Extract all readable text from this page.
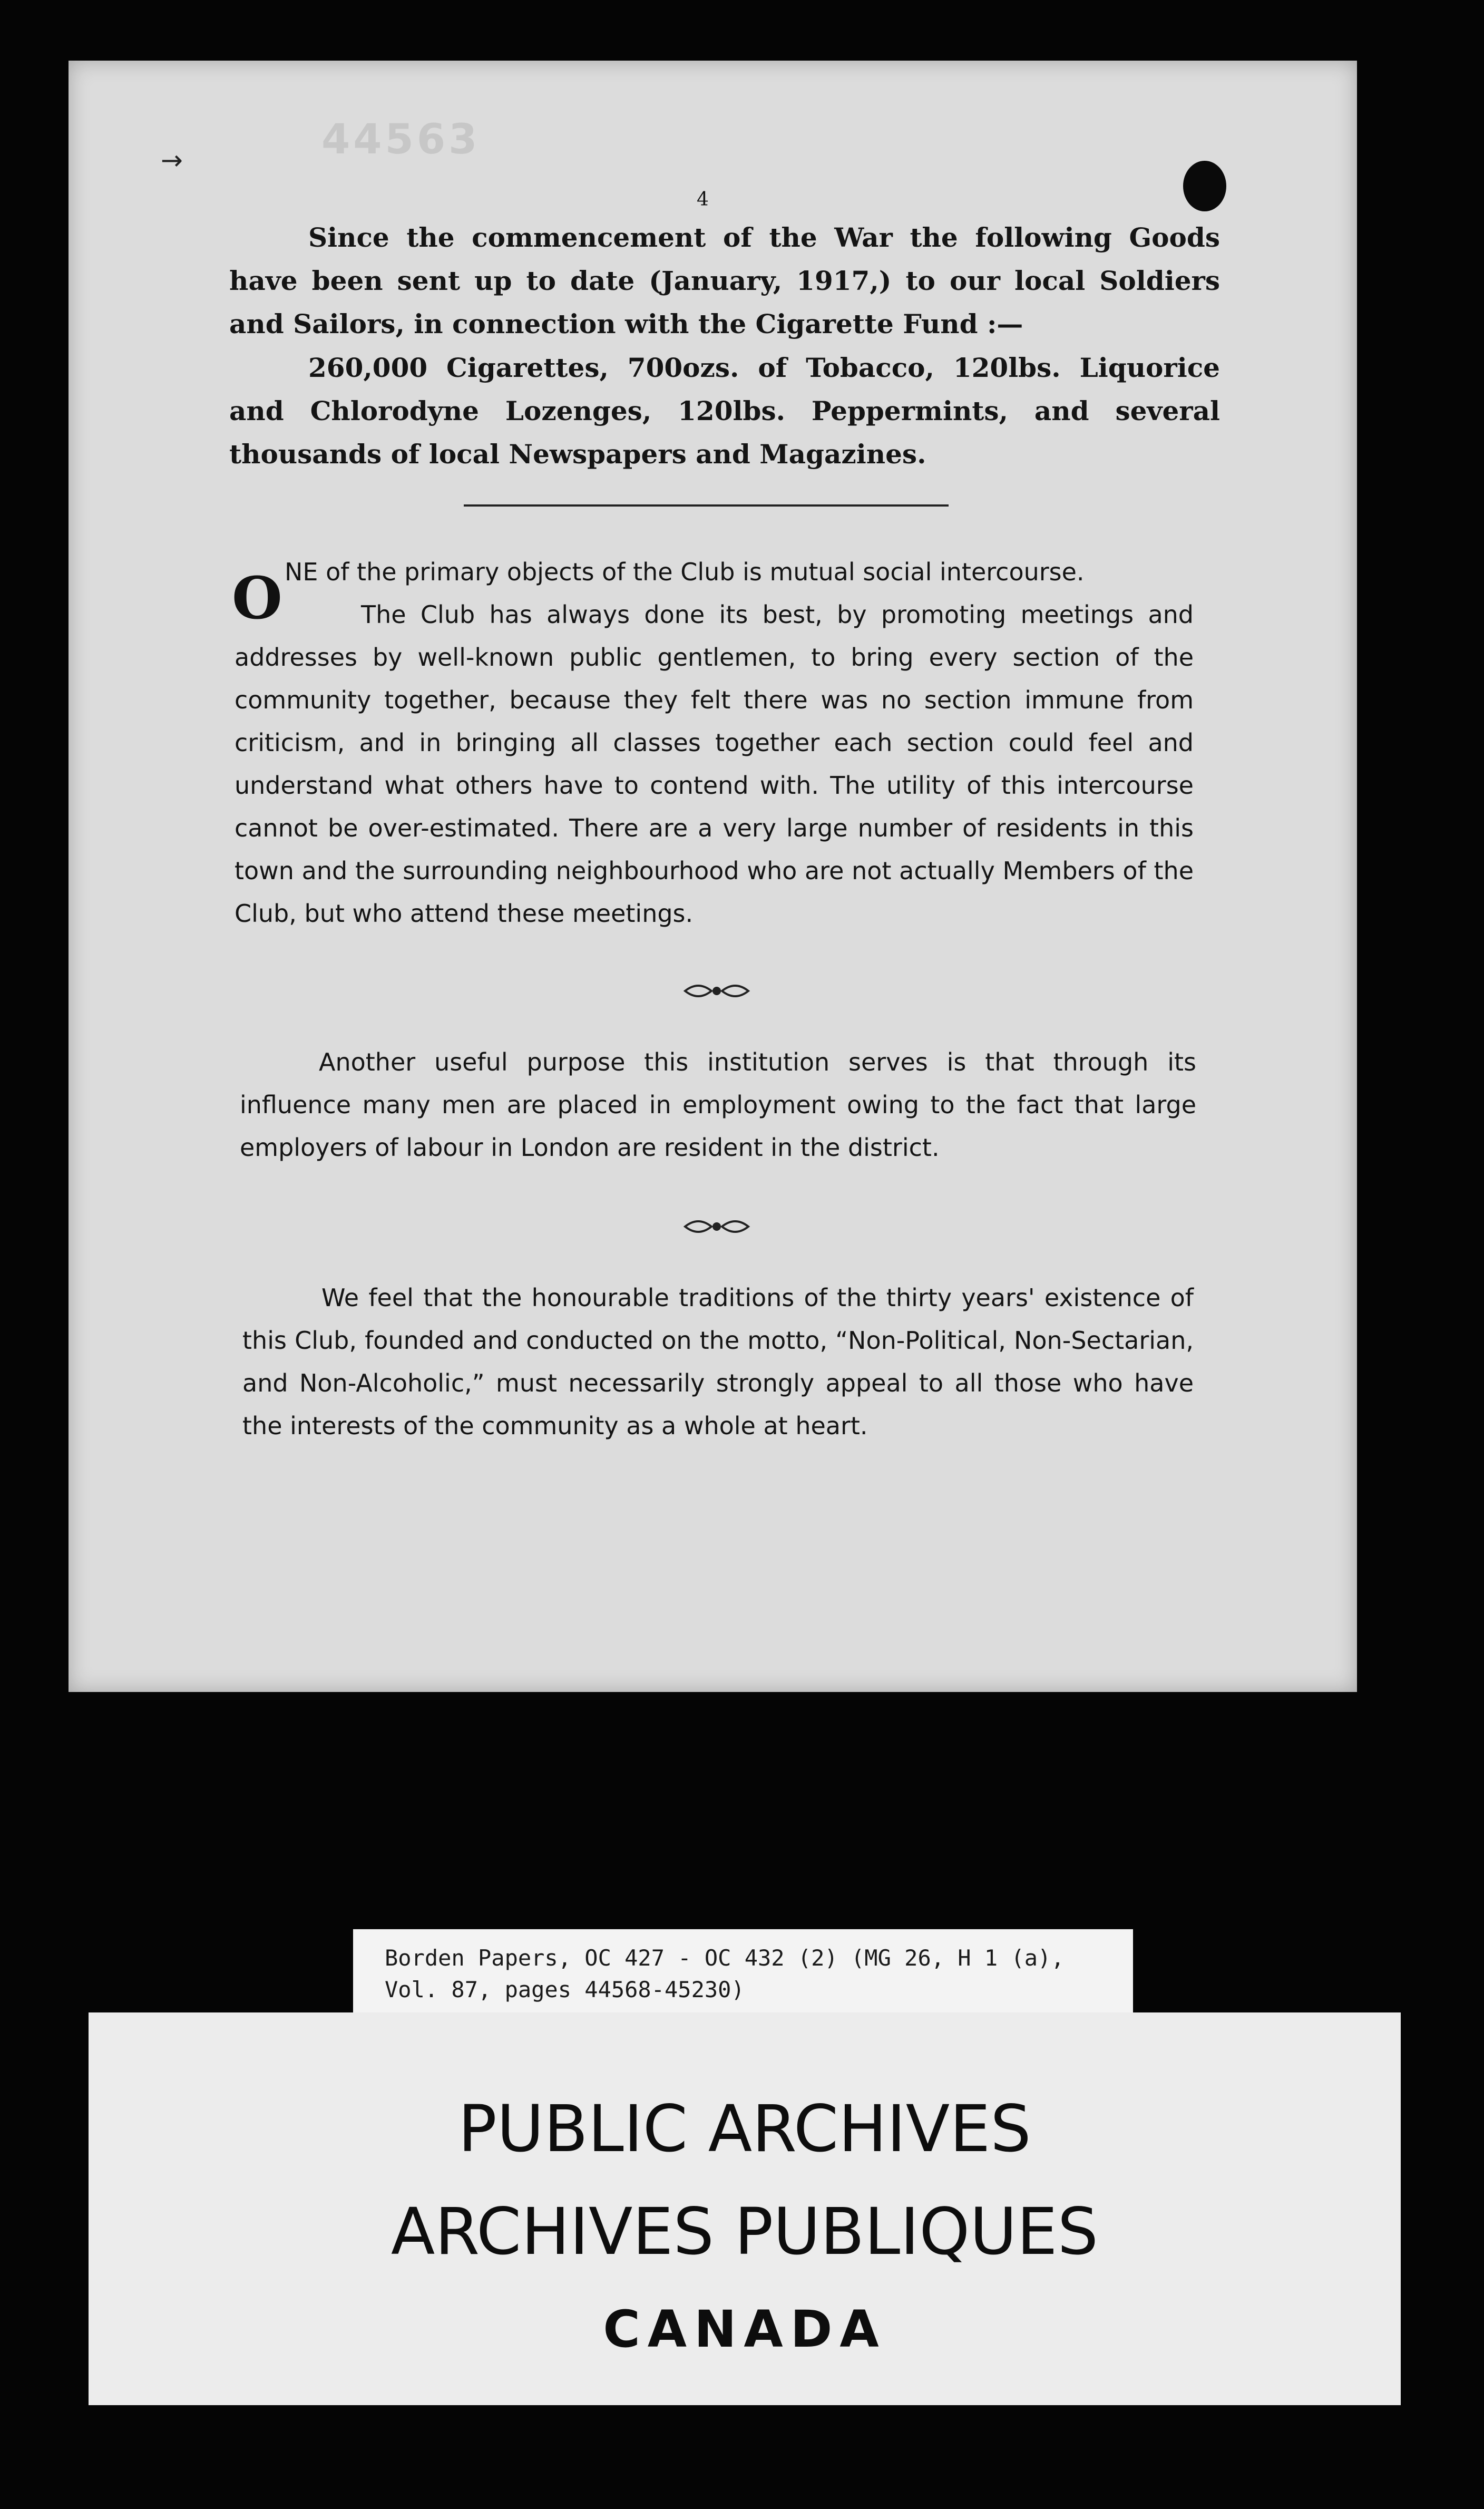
→	44563
4

Since the commencement of the War the following Goods have been sent up to date (January, 1917,) to our local Soldiers and Sailors, in connection with the Cigarette Fund :—

260,000 Cigarettes, 700ozs. of Tobacco, 120lbs. Liquorice and Chlorodyne Lozenges, 120lbs. Peppermints, and several thousands of local Newspapers and Magazines.

O NE of the primary objects of the Club is mutual social intercourse.

The Club has always done its best, by promoting meetings and addresses by well-known public gentlemen, to bring every section of the community together, because they felt there was no section immune from criticism, and in bringing all classes together each section could feel and understand what others have to contend with. The utility of this intercourse cannot be over-estimated. There are a very large number of residents in this town and the surrounding neighbourhood who are not actually Members of the Club, but who attend these meetings.

Another useful purpose this institution serves is that through its influence many men are placed in employment owing to the fact that large employers of labour in London are resident in the district.

We feel that the honourable traditions of the thirty years' existence of this Club, founded and conducted on the motto, “Non-Political, Non-Sectarian, and Non-Alcoholic,” must necessarily strongly appeal to all those who have the interests of the community as a whole at heart.

Borden Papers, OC 427 - OC 432 (2) (MG 26, H 1 (a),
Vol. 87, pages 44568-45230)
PUBLIC ARCHIVES
ARCHIVES PUBLIQUES
CANADA
